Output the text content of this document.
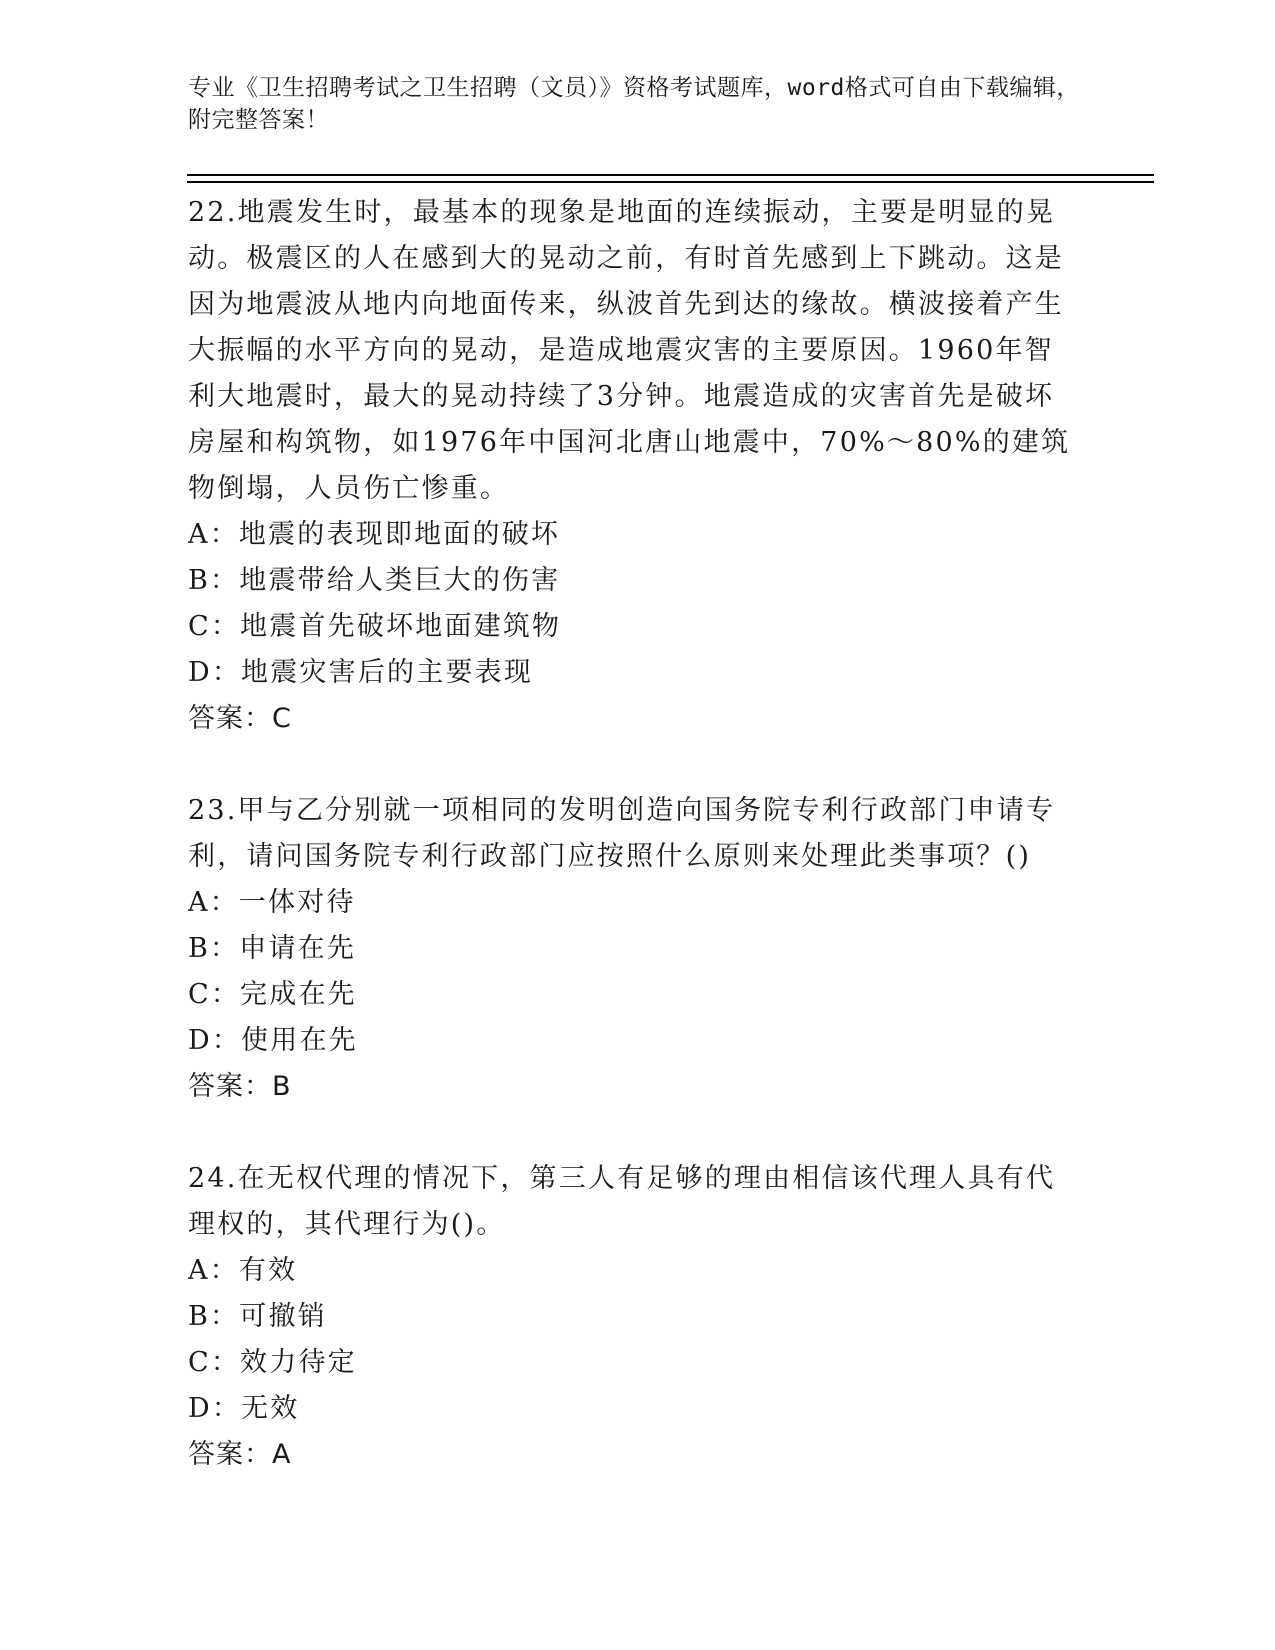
专业《卫生招聘考试之卫生招聘（文员）》资格考试题库，word格式可自由下载编辑，附完整答案！

22.地震发生时，最基本的现象是地面的连续振动，主要是明显的晃动。极震区的人在感到大的晃动之前，有时首先感到上下跳动。这是因为地震波从地内向地面传来，纵波首先到达的缘故。横波接着产生大振幅的水平方向的晃动，是造成地震灾害的主要原因。1960年智利大地震时，最大的晃动持续了3分钟。地震造成的灾害首先是破坏房屋和构筑物，如1976年中国河北唐山地震中，70%～80%的建筑物倒塌，人员伤亡惨重。

A：地震的表现即地面的破坏

B：地震带给人类巨大的伤害

C：地震首先破坏地面建筑物

D：地震灾害后的主要表现

答案：C

23.甲与乙分别就一项相同的发明创造向国务院专利行政部门申请专利，请问国务院专利行政部门应按照什么原则来处理此类事项？()

A：一体对待

B：申请在先

C：完成在先

D：使用在先

答案：B

24.在无权代理的情况下，第三人有足够的理由相信该代理人具有代理权的，其代理行为()。

A：有效

B：可撤销

C：效力待定

D：无效

答案：A
